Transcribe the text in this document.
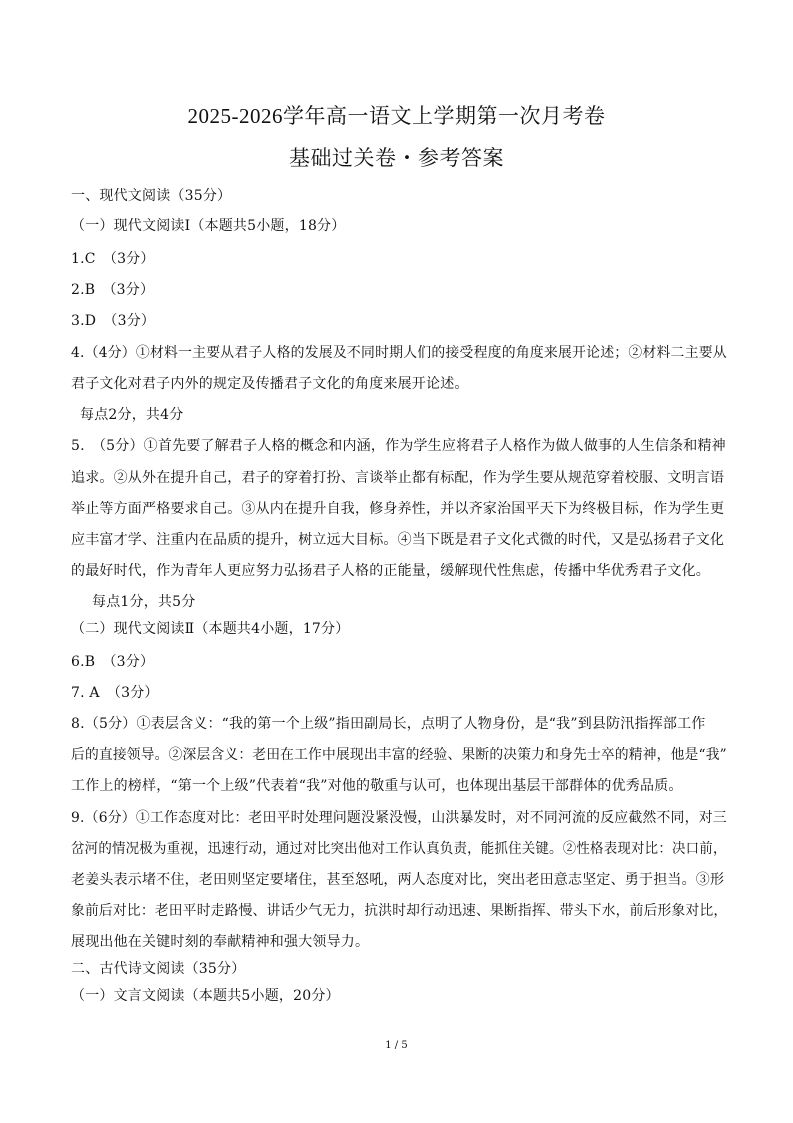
2025-2026学年高一语文上学期第一次月考卷
基础过关卷・参考答案
一、现代文阅读（35分）
（一）现代文阅读Ⅰ（本题共5小题，18分）
1.C　（3分）
2.B　（3分）
3.D　（3分）
4.（4分）①材料一主要从君子人格的发展及不同时期人们的接受程度的角度来展开论述；②材料二主要从
君子文化对君子内外的规定及传播君子文化的角度来展开论述。
每点2分，共4分
5.　（5分）①首先要了解君子人格的概念和内涵，作为学生应将君子人格作为做人做事的人生信条和精神
追求。②从外在提升自己，君子的穿着打扮、言谈举止都有标配，作为学生要从规范穿着校服、文明言语
举止等方面严格要求自己。③从内在提升自我，修身养性，并以齐家治国平天下为终极目标，作为学生更
应丰富才学、注重内在品质的提升，树立远大目标。④当下既是君子文化式微的时代，又是弘扬君子文化
的最好时代，作为青年人更应努力弘扬君子人格的正能量，缓解现代性焦虑，传播中华优秀君子文化。
每点1分，共5分
（二）现代文阅读Ⅱ（本题共4小题，17分）
6.B　（3分）
7. A　（3分）
8.（5分）①表层含义：“我的第一个上级”指田副局长，点明了人物身份，是“我”到县防汛指挥部工作
后的直接领导。②深层含义：老田在工作中展现出丰富的经验、果断的决策力和身先士卒的精神，他是“我”
工作上的榜样，“第一个上级”代表着“我”对他的敬重与认可，也体现出基层干部群体的优秀品质。
9.（6分）①工作态度对比：老田平时处理问题没紧没慢，山洪暴发时，对不同河流的反应截然不同，对三
岔河的情况极为重视，迅速行动，通过对比突出他对工作认真负责，能抓住关键。②性格表现对比：决口前，
老姜头表示堵不住，老田则坚定要堵住，甚至怒吼，两人态度对比，突出老田意志坚定、勇于担当。③形
象前后对比：老田平时走路慢、讲话少气无力，抗洪时却行动迅速、果断指挥、带头下水，前后形象对比，
展现出他在关键时刻的奉献精神和强大领导力。
二、古代诗文阅读（35分）
（一）文言文阅读（本题共5小题，20分）
1 / 5
